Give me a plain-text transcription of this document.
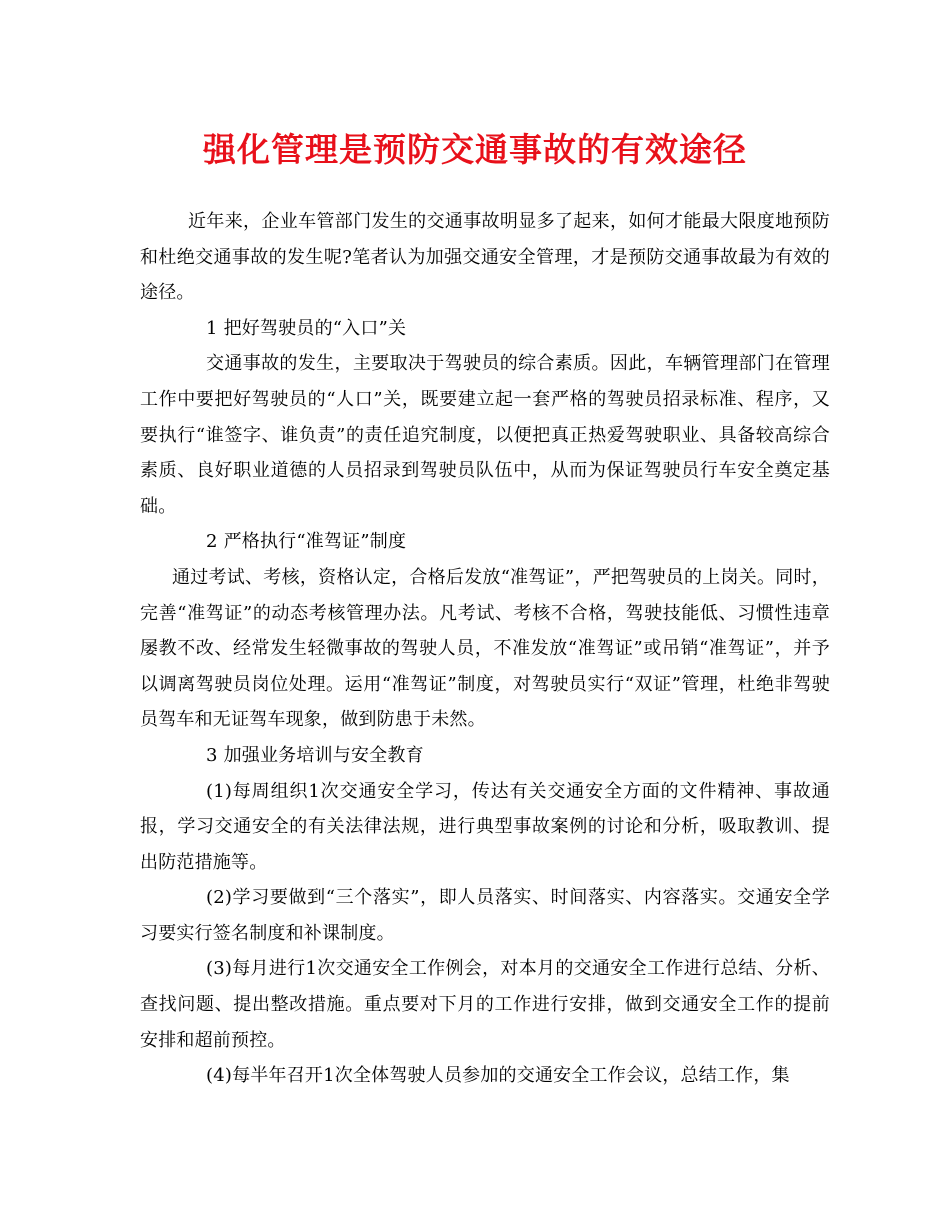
强化管理是预防交通事故的有效途径

近年来，企业车管部门发生的交通事故明显多了起来，如何才能最大限度地预防和杜绝交通事故的发生呢?笔者认为加强交通安全管理，才是预防交通事故最为有效的途径。

1 把好驾驶员的“入口”关

交通事故的发生，主要取决于驾驶员的综合素质。因此，车辆管理部门在管理工作中要把好驾驶员的“人口”关，既要建立起一套严格的驾驶员招录标准、程序，又要执行“谁签字、谁负责”的责任追究制度，以便把真正热爱驾驶职业、具备较高综合素质、良好职业道德的人员招录到驾驶员队伍中，从而为保证驾驶员行车安全奠定基础。

2 严格执行“准驾证”制度

通过考试、考核，资格认定，合格后发放“准驾证”，严把驾驶员的上岗关。同时，完善“准驾证”的动态考核管理办法。凡考试、考核不合格，驾驶技能低、习惯性违章屡教不改、经常发生轻微事故的驾驶人员，不准发放“准驾证”或吊销“准驾证”，并予以调离驾驶员岗位处理。运用“准驾证”制度，对驾驶员实行“双证”管理，杜绝非驾驶员驾车和无证驾车现象，做到防患于未然。

3 加强业务培训与安全教育

(1)每周组织1次交通安全学习，传达有关交通安全方面的文件精神、事故通报，学习交通安全的有关法律法规，进行典型事故案例的讨论和分析，吸取教训、提出防范措施等。

(2)学习要做到“三个落实”，即人员落实、时间落实、内容落实。交通安全学习要实行签名制度和补课制度。

(3)每月进行1次交通安全工作例会，对本月的交通安全工作进行总结、分析、查找问题、提出整改措施。重点要对下月的工作进行安排，做到交通安全工作的提前安排和超前预控。

(4)每半年召开1次全体驾驶人员参加的交通安全工作会议，总结工作，集
